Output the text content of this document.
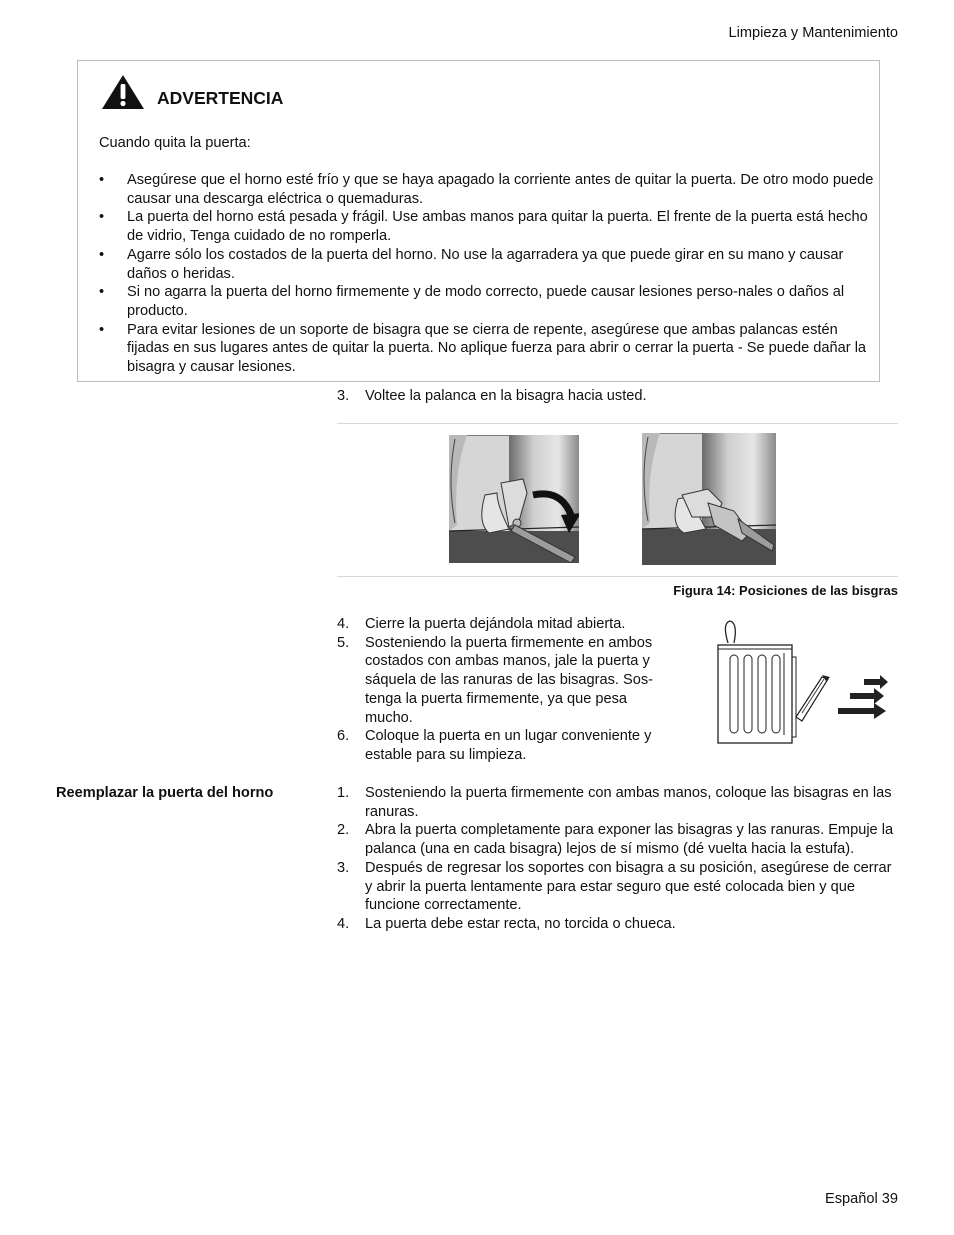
Limpieza y Mantenimiento
ADVERTENCIA
Cuando quita la puerta:
• Asegúrese que el horno esté frío y que se haya apagado la corriente antes de quitar la puerta. De otro modo puede causar una descarga eléctrica o quemaduras.
• La puerta del horno está pesada y frágil. Use ambas manos para quitar la puerta. El frente de la puerta está hecho de vidrio, Tenga cuidado de no romperla.
• Agarre sólo los costados de la puerta del horno. No use la agarradera ya que puede girar en su mano y causar daños o heridas.
• Si no agarra la puerta del horno firmemente y de modo correcto, puede causar lesiones perso-nales o daños al producto.
• Para evitar lesiones de un soporte de bisagra que se cierra de repente, asegúrese que ambas palancas estén fijadas en sus lugares antes de quitar la puerta. No aplique fuerza para abrir o cerrar la puerta - Se puede dañar la bisagra y causar lesiones.
3. Voltee la palanca en la bisagra hacia usted.
Figura 14: Posiciones de las bisgras
4. Cierre la puerta dejándola mitad abierta.
5. Sosteniendo la puerta firmemente en ambos costados con ambas manos, jale la puerta y sáquela de las ranuras de las bisagras. Sos-tenga la puerta firmemente, ya que pesa mucho.
6. Coloque la puerta en un lugar conveniente y estable para su limpieza.
Reemplazar la puerta del horno	1. Sosteniendo la puerta firmemente con ambas manos, coloque las bisagras en las ranuras.
2. Abra la puerta completamente para exponer las bisagras y las ranuras. Empuje la palanca (una en cada bisagra) lejos de sí mismo (dé vuelta hacia la estufa).
3. Después de regresar los soportes con bisagra a su posición, asegúrese de cerrar y abrir la puerta lentamente para estar seguro que esté colocada bien y que funcione correctamente.
4. La puerta debe estar recta, no torcida o chueca.
Español 39
